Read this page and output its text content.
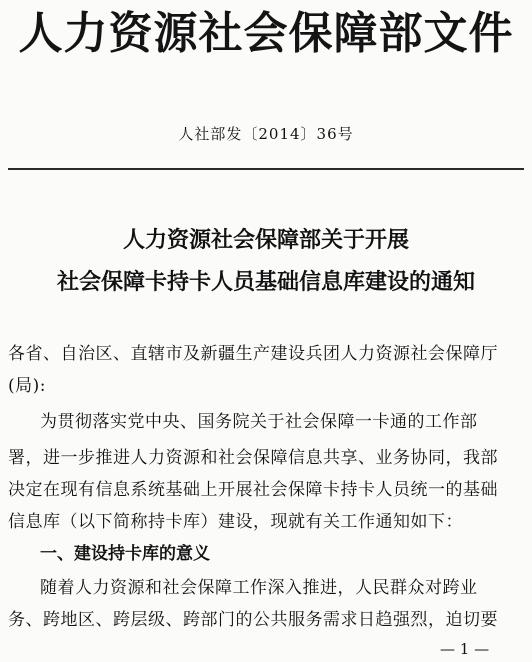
人力资源社会保障部文件
人社部发〔2014〕36号
人力资源社会保障部关于开展
社会保障卡持卡人员基础信息库建设的通知
各省、自治区、直辖市及新疆生产建设兵团人力资源社会保障厅
(局):
为贯彻落实党中央、国务院关于社会保障一卡通的工作部
署，进一步推进人力资源和社会保障信息共享、业务协同，我部
决定在现有信息系统基础上开展社会保障卡持卡人员统一的基础
信息库（以下简称持卡库）建设，现就有关工作通知如下：
一、建设持卡库的意义
随着人力资源和社会保障工作深入推进，人民群众对跨业
务、跨地区、跨层级、跨部门的公共服务需求日趋强烈，迫切要
— 1 —
